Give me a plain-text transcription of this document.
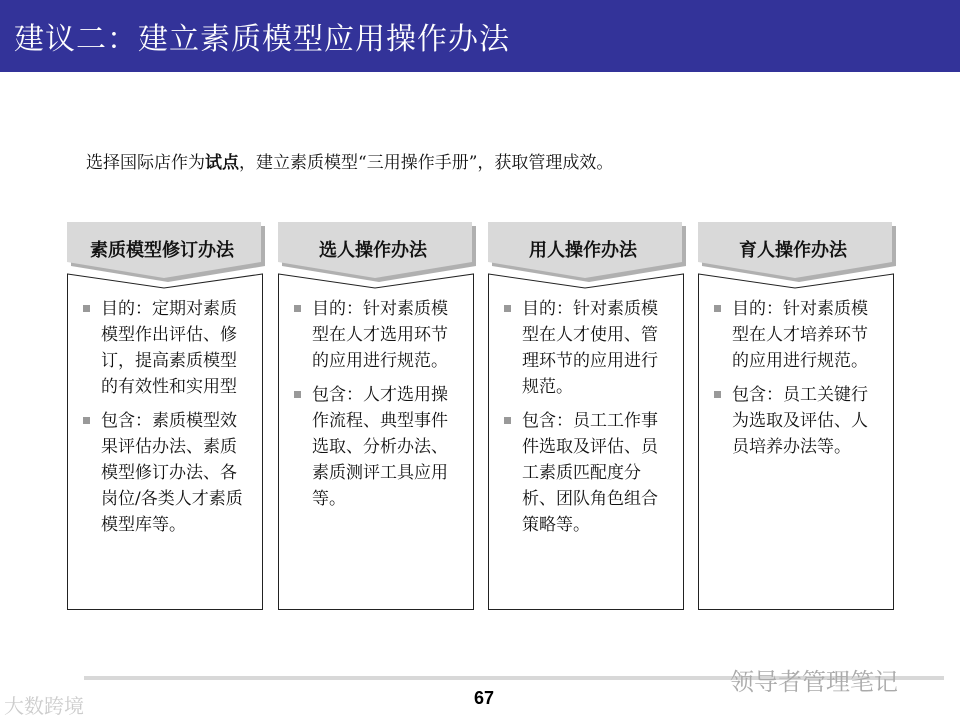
建议二：建立素质模型应用操作办法
选择国际店作为试点，建立素质模型“三用操作手册”，获取管理成效。
素质模型修订办法
目的：定期对素质模型作出评估、修订，提高素质模型的有效性和实用型
包含：素质模型效果评估办法、素质模型修订办法、各岗位/各类人才素质模型库等。
选人操作办法
目的：针对素质模型在人才选用环节的应用进行规范。
包含：人才选用操作流程、典型事件选取、分析办法、素质测评工具应用等。
用人操作办法
目的：针对素质模型在人才使用、管理环节的应用进行规范。
包含：员工工作事件选取及评估、员工素质匹配度分析、团队角色组合策略等。
育人操作办法
目的：针对素质模型在人才培养环节的应用进行规范。
包含：员工关键行为选取及评估、人员培养办法等。
67
大数跨境
领导者管理笔记
